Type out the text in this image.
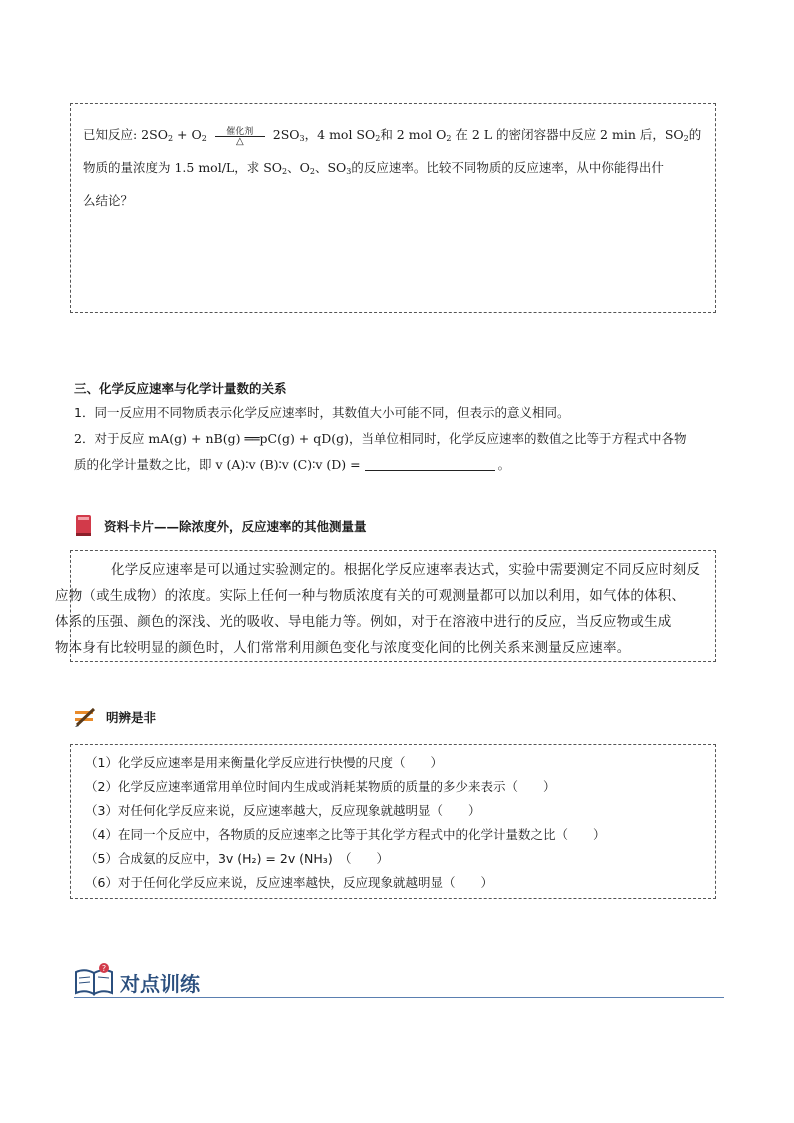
已知反应: $2SO_2 + O_2$
催化剂
△	$2SO_3$，4 mol $SO_2$和 2 mol $O_2$ 在 2 L 的密闭容器中反应 2 min 后，$SO_2$的
物质的量浓度为 1.5 mol/L，求 $SO_2$、$O_2$、$SO_3$的反应速率。比较不同物质的反应速率，从中你能得出什
么结论？
三、化学反应速率与化学计量数的关系
1．同一反应用不同物质表示化学反应速率时，其数值大小可能不同，但表示的意义相同。
2．对于反应 mA(g) + nB(g) ══pC(g) + qD(g)，当单位相同时，化学反应速率的数值之比等于方程式中各物
质的化学计量数之比，即 v (A)∶v (B)∶v (C)∶v (D) =	。
资料卡片——除浓度外，反应速率的其他测量量

化学反应速率是可以通过实验测定的。根据化学反应速率表达式，实验中需要测定不同反应时刻反
应物（或生成物）的浓度。实际上任何一种与物质浓度有关的可观测量都可以加以利用，如气体的体积、
体系的压强、颜色的深浅、光的吸收、导电能力等。例如，对于在溶液中进行的反应，当反应物或生成
物本身有比较明显的颜色时，人们常常利用颜色变化与浓度变化间的比例关系来测量反应速率。

明辨是非
（1）化学反应速率是用来衡量化学反应进行快慢的尺度（　　）
（2）化学反应速率通常用单位时间内生成或消耗某物质的质量的多少来表示（　　）
（3）对任何化学反应来说，反应速率越大，反应现象就越明显（　　）
（4）在同一个反应中，各物质的反应速率之比等于其化学方程式中的化学计量数之比（　　）
（5）合成氨的反应中，3v (H₂) = 2v (NH₃)　（　　）
（6）对于任何化学反应来说，反应速率越快，反应现象就越明显（　　）
?
对点训练
